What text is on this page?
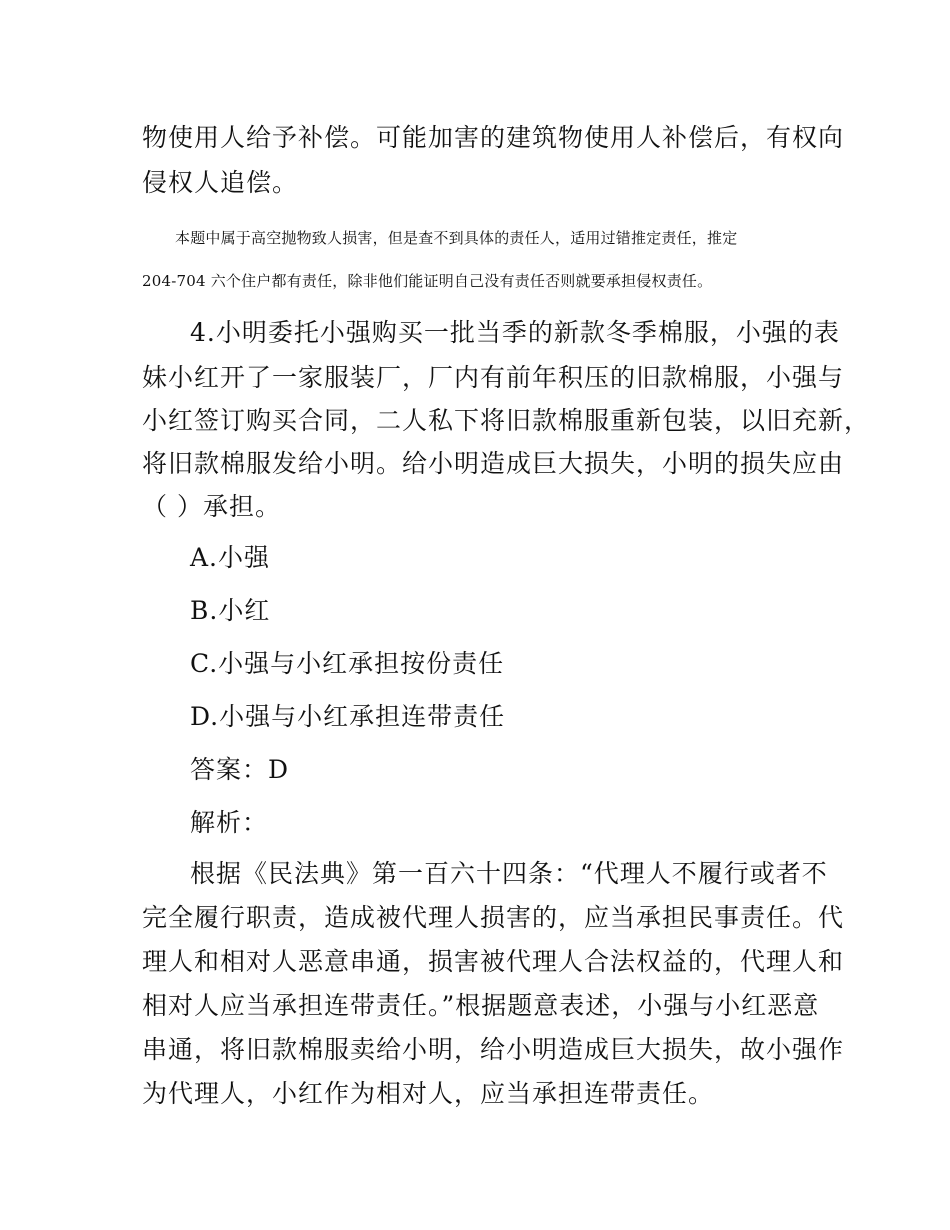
物使用人给予补偿。可能加害的建筑物使用人补偿后，有权向
侵权人追偿。
本题中属于高空抛物致人损害，但是查不到具体的责任人，适用过错推定责任，推定
204-704 六个住户都有责任，除非他们能证明自己没有责任否则就要承担侵权责任。
4.小明委托小强购买一批当季的新款冬季棉服，小强的表
妹小红开了一家服装厂，厂内有前年积压的旧款棉服，小强与
小红签订购买合同，二人私下将旧款棉服重新包装，以旧充新，
将旧款棉服发给小明。给小明造成巨大损失，小明的损失应由
（ ）承担。
A.小强
B.小红
C.小强与小红承担按份责任
D.小强与小红承担连带责任
答案：D
解析：
根据《民法典》第一百六十四条：“代理人不履行或者不
完全履行职责，造成被代理人损害的，应当承担民事责任。代
理人和相对人恶意串通，损害被代理人合法权益的，代理人和
相对人应当承担连带责任。”根据题意表述，小强与小红恶意
串通，将旧款棉服卖给小明，给小明造成巨大损失，故小强作
为代理人，小红作为相对人，应当承担连带责任。
